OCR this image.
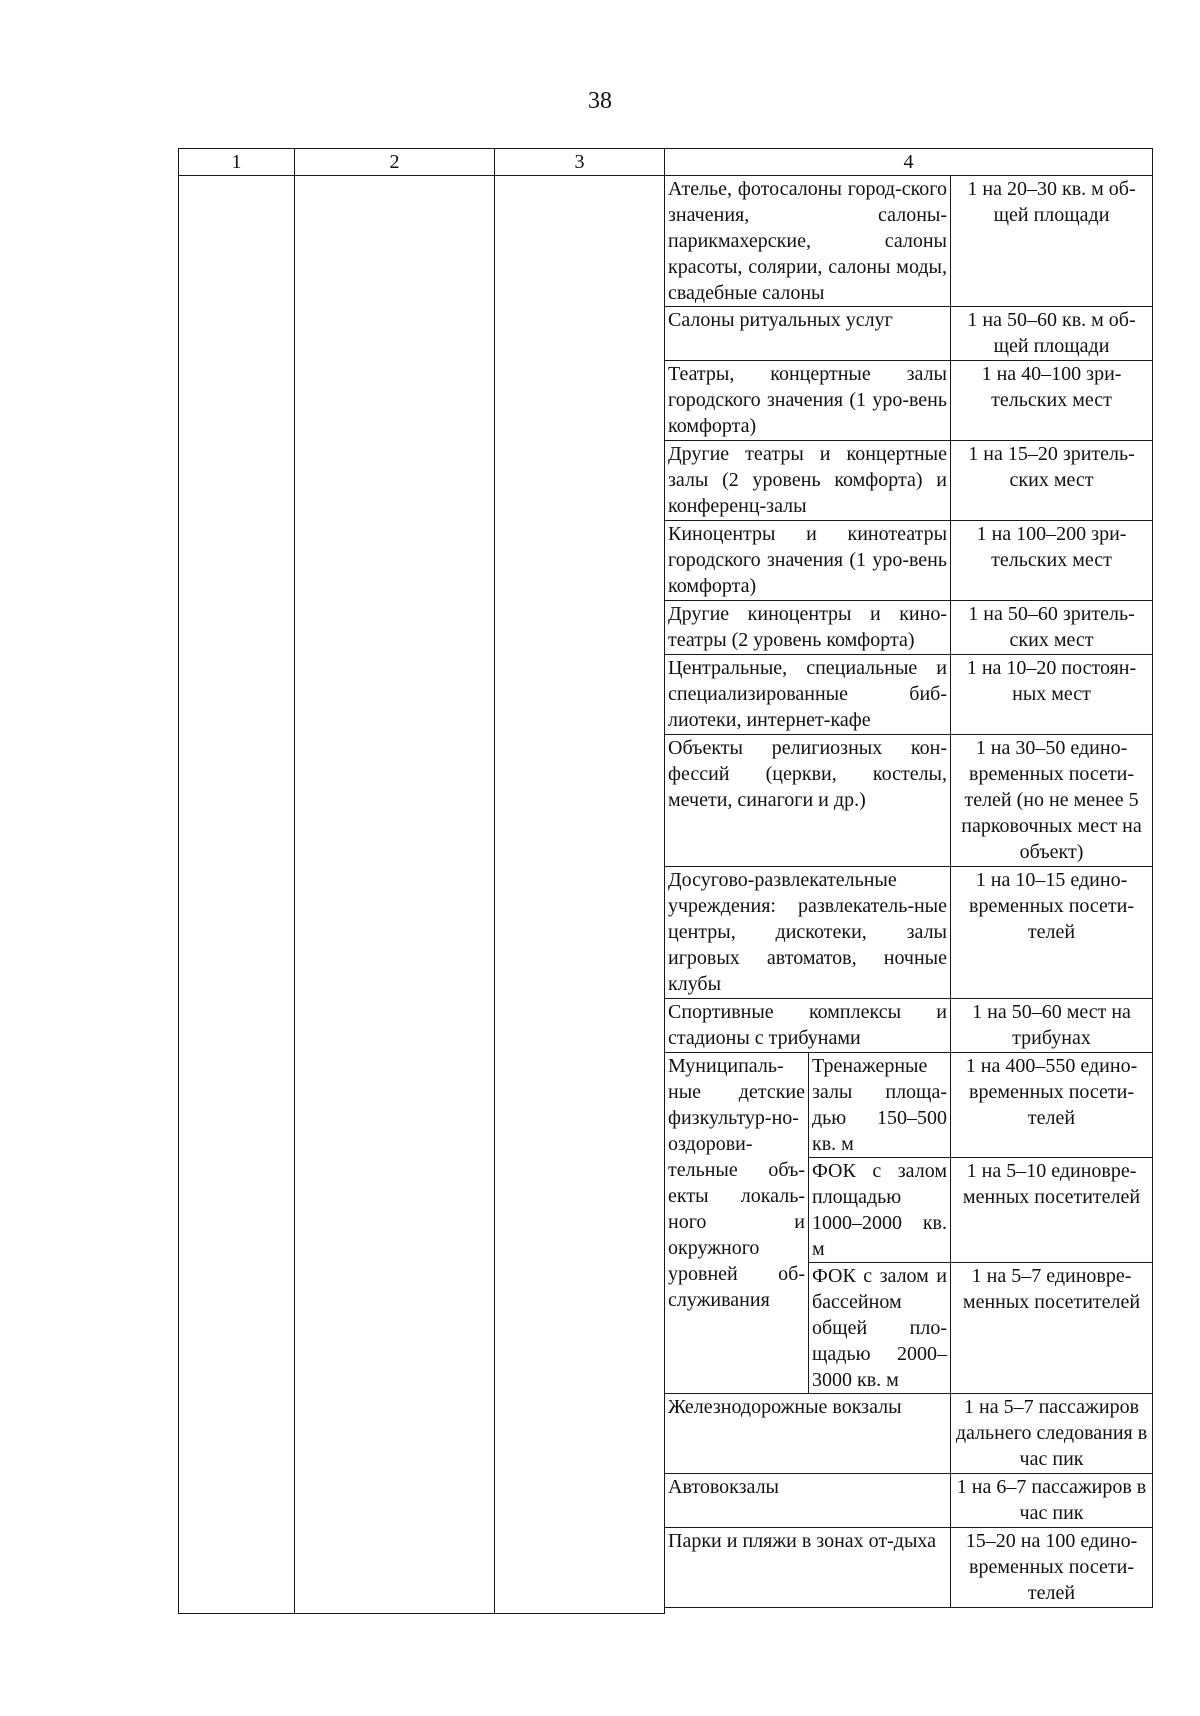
38
1	2	3	4		
			Ателье, фотосалоны город-ского значения, салоны-парикмахерские, салоны красоты, солярии, салоны моды, свадебные салоны		1 на 20–30 кв. м об-щей площади
			Салоны ритуальных услуг		1 на 50–60 кв. м об-щей площади
			Театры, концертные залы городского значения (1 уро-вень комфорта)		1 на 40–100 зри-тельских мест
			Другие театры и концертные залы (2 уровень комфорта) и конференц-залы		1 на 15–20 зритель-ских мест
			Киноцентры и кинотеатры городского значения (1 уро-вень комфорта)		1 на 100–200 зри-тельских мест
			Другие киноцентры и кино-театры (2 уровень комфорта)		1 на 50–60 зритель-ских мест
			Центральные, специальные и специализированные биб-лиотеки, интернет-кафе		1 на 10–20 постоян-ных мест
			Объекты религиозных кон-фессий (церкви, костелы, мечети, синагоги и др.)		1 на 30–50 едино-временных посети-телей (но не менее 5 парковочных мест на объект)
			Досугово-развлекательные учреждения: развлекатель-ные центры, дискотеки, залы игровых автоматов, ночные клубы		1 на 10–15 едино-временных посети-телей
			Спортивные комплексы и стадионы с трибунами		1 на 50–60 мест на трибунах
			Муниципаль-ные детские физкультур-но-оздорови-тельные объ-екты локаль-ного и окружного уровней об-служивания	Тренажерные залы площа-дью 150–500 кв. м	1 на 400–550 едино-временных посети-телей
				ФОК с залом площадью 1000–2000 кв. м	1 на 5–10 единовре-менных посетителей
				ФОК с залом и бассейном общей пло-щадью 2000–3000 кв. м	1 на 5–7 единовре-менных посетителей
			Железнодорожные вокзалы		1 на 5–7 пассажиров дальнего следования в час пик
			Автовокзалы		1 на 6–7 пассажиров в час пик
			Парки и пляжи в зонах от-дыха		15–20 на 100 едино-временных посети-телей
